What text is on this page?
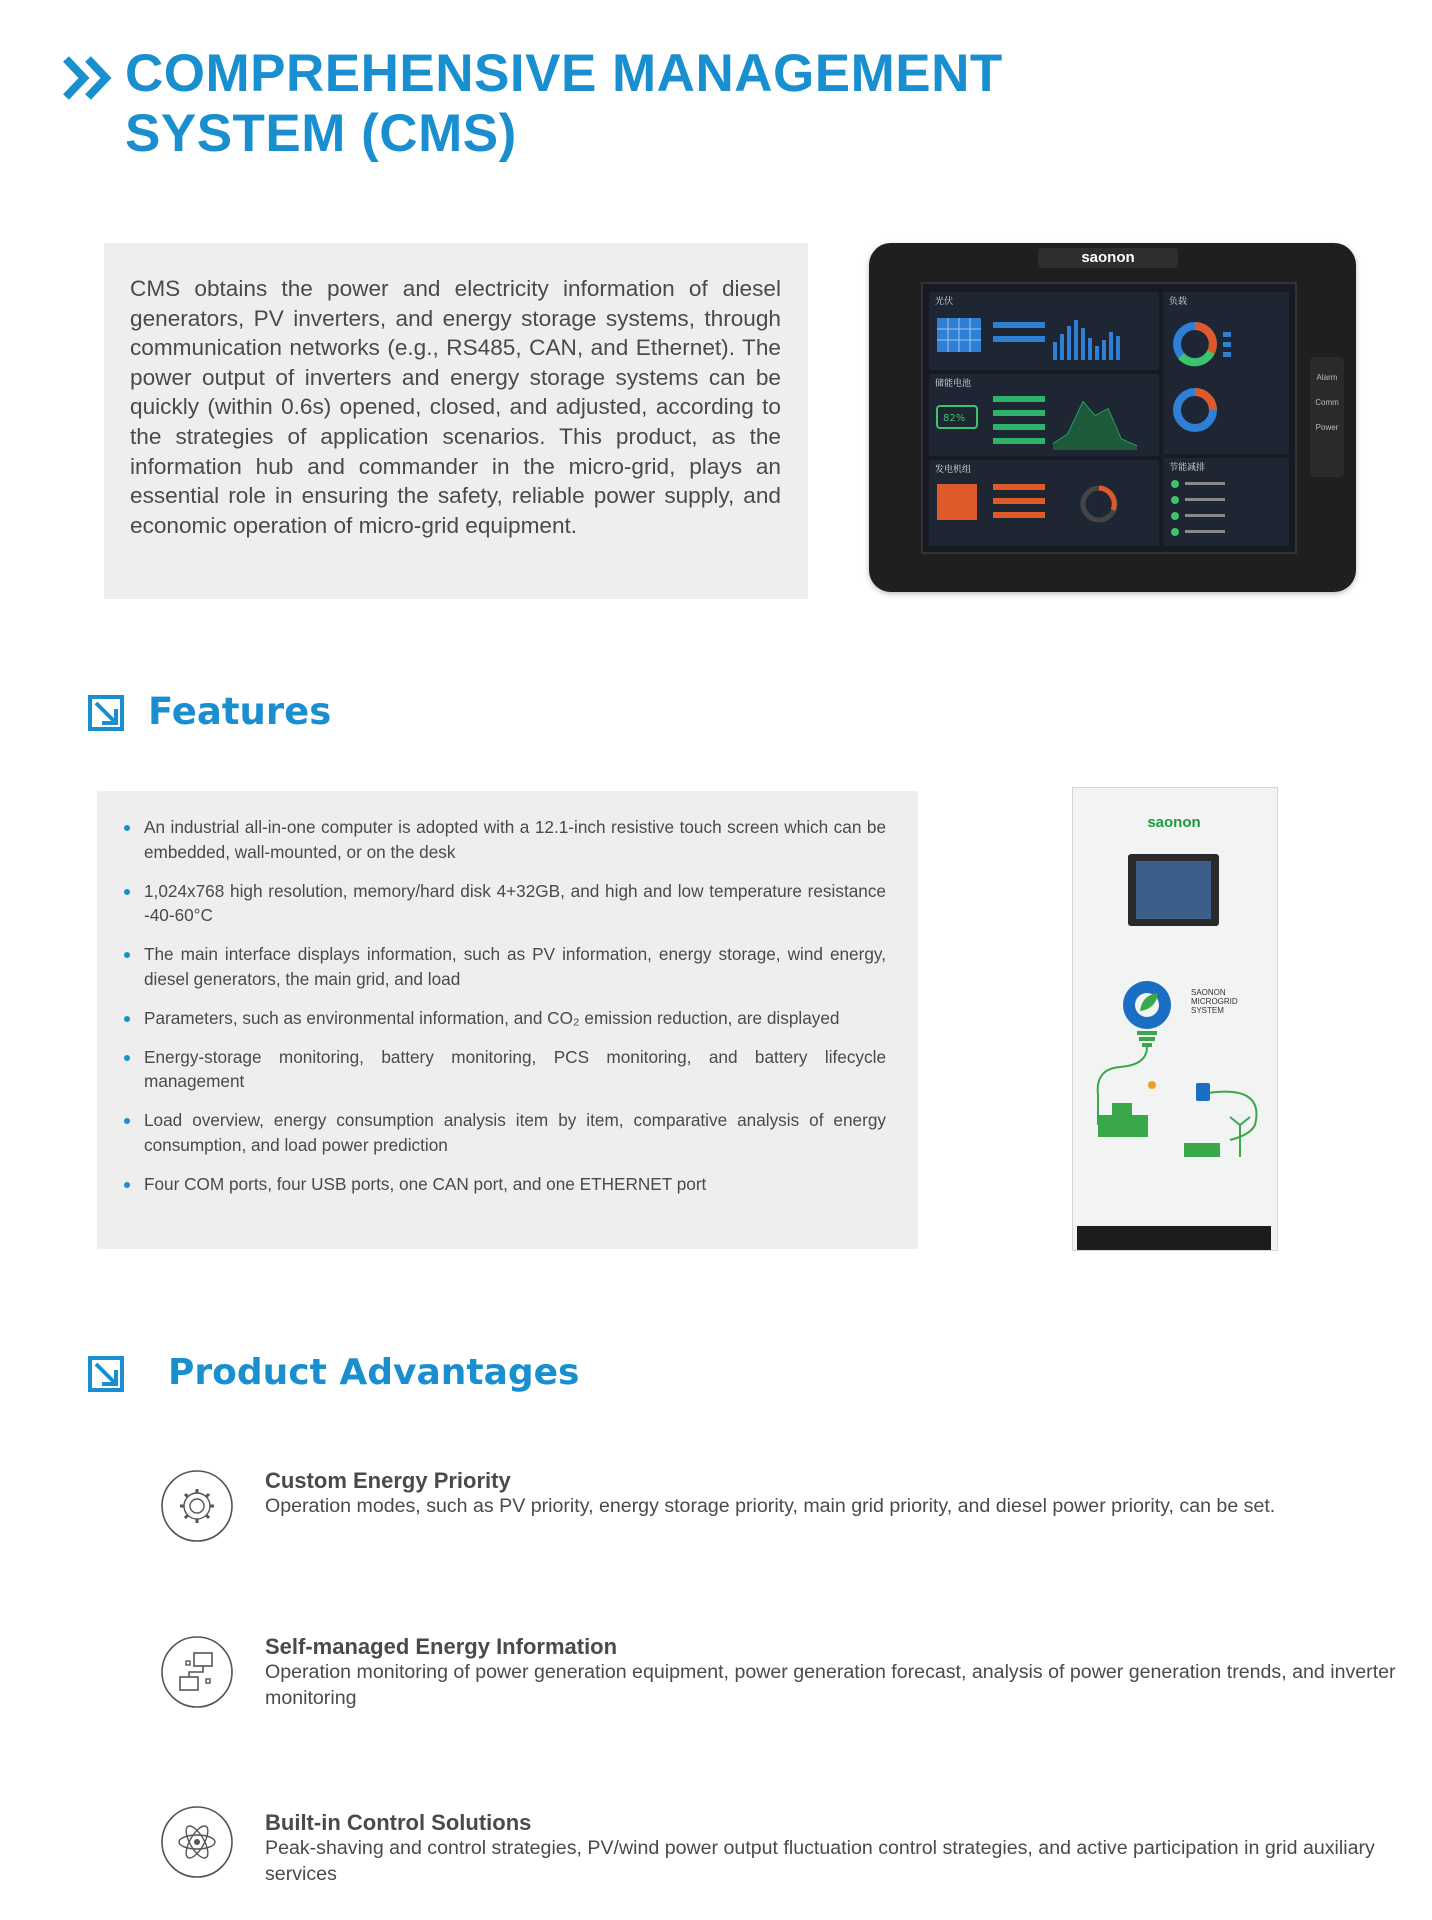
COMPREHENSIVE MANAGEMENT
SYSTEM (CMS)
CMS obtains the power and electricity information of diesel generators, PV inverters, and energy storage systems, through communication networks (e.g., RS485, CAN, and Ethernet). The power output of inverters and energy storage systems can be quickly (within 0.6s) opened, closed, and adjusted, according to the strategies of application scenarios. This product, as the information hub and commander in the micro-grid, plays an essential role in ensuring the safety, reliable power supply, and economic operation of micro-grid equipment.
saonon
光伏
储能电池
发电机组
负载
节能减排
82%
Alarm
Comm
Power
Features
An industrial all-in-one computer is adopted with a 12.1-inch resistive touch screen which can be embedded, wall-mounted, or on the desk
1,024x768 high resolution, memory/hard disk 4+32GB, and high and low temperature resistance -40-60°C
The main interface displays information, such as PV information, energy storage, wind energy, diesel generators, the main grid, and load
Parameters, such as environmental information, and CO₂ emission reduction, are displayed
Energy-storage monitoring, battery monitoring, PCS monitoring, and battery lifecycle management
Load overview, energy consumption analysis item by item, comparative analysis of energy consumption, and load power prediction
Four COM ports, four USB ports, one CAN port, and one ETHERNET port
saonon
SAONON
MICROGRID
SYSTEM
Product Advantages
Custom Energy Priority
Operation modes, such as PV priority, energy storage priority, main grid priority, and diesel power priority, can be set.
Self-managed Energy Information
Operation monitoring of power generation equipment, power generation forecast, analysis of power generation trends, and inverter monitoring
Built-in Control Solutions
Peak-shaving and control strategies, PV/wind power output fluctuation control strategies, and active participation in grid auxiliary services
